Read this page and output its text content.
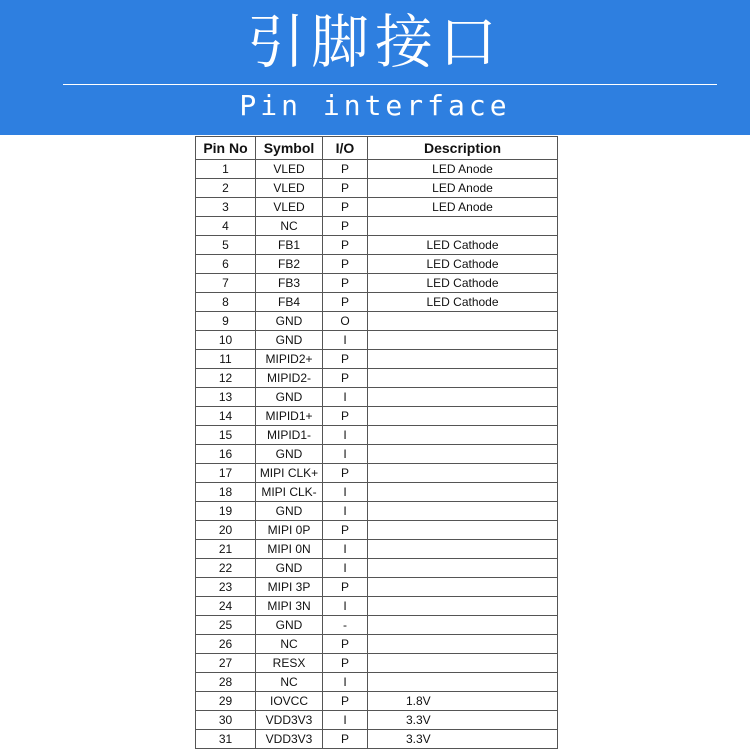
引脚接口
Pin interface
Pin No	Symbol	I/O	Description
1	VLED	P	LED Anode
2	VLED	P	LED Anode
3	VLED	P	LED Anode
4	NC	P	
5	FB1	P	LED Cathode
6	FB2	P	LED Cathode
7	FB3	P	LED Cathode
8	FB4	P	LED Cathode
9	GND	O	
10	GND	I	
11	MIPID2+	P	
12	MIPID2-	P	
13	GND	I	
14	MIPID1+	P	
15	MIPID1-	I	
16	GND	I	
17	MIPI CLK+	P	
18	MIPI CLK-	I	
19	GND	I	
20	MIPI 0P	P	
21	MIPI 0N	I	
22	GND	I	
23	MIPI 3P	P	
24	MIPI 3N	I	
25	GND	-	
26	NC	P	
27	RESX	P	
28	NC	I	
29	IOVCC	P	1.8V
30	VDD3V3	I	3.3V
31	VDD3V3	P	3.3V
